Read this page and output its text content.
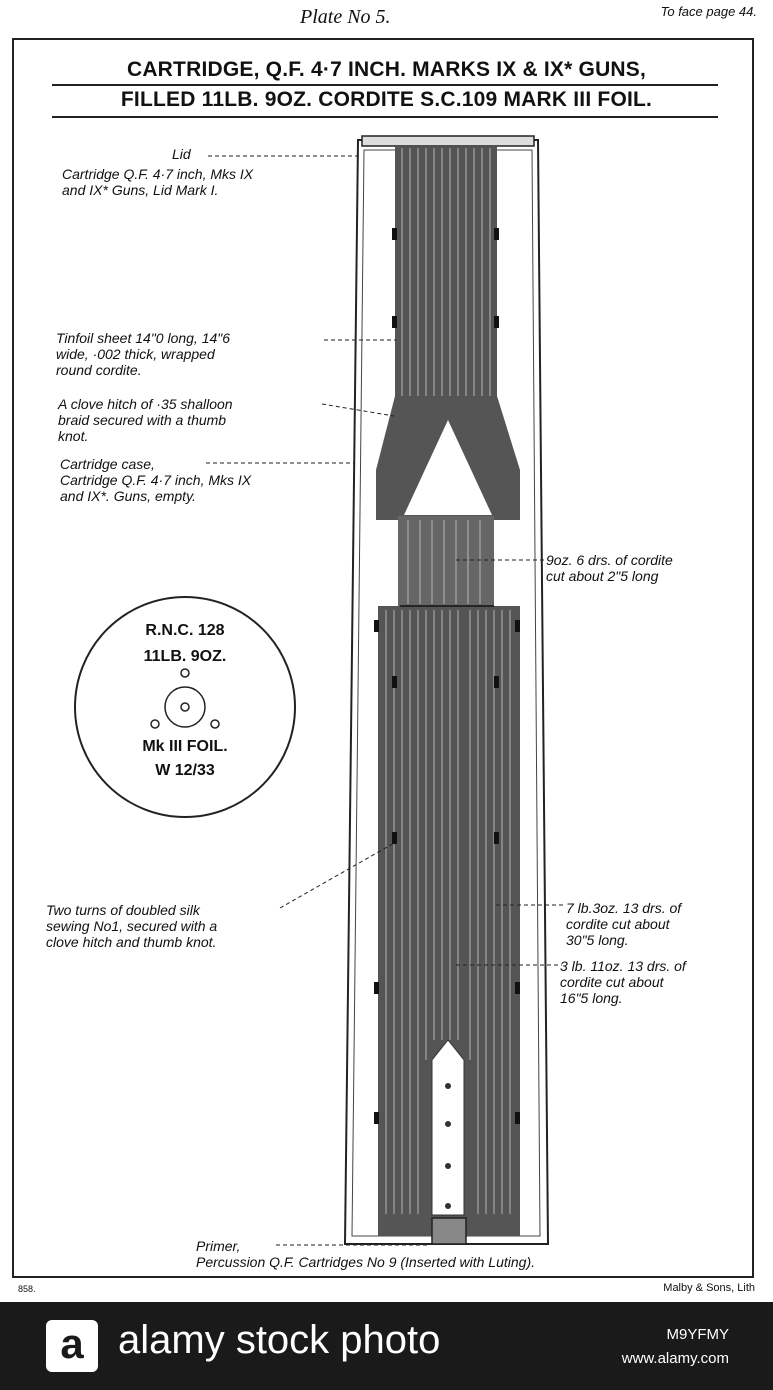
Plate No 5.	To face page 44.
CARTRIDGE, Q.F. 4·7 INCH. MARKS IX & IX* GUNS,
FILLED 11LB. 9OZ. CORDITE S.C.109 MARK III FOIL.
Lid
Cartridge Q.F. 4·7 inch, Mks IX
and IX* Guns, Lid Mark I.
Tinfoil sheet 14"0 long, 14"6
wide, ·002 thick, wrapped
round cordite.
A clove hitch of ·35 shalloon
braid secured with a thumb
knot.
Cartridge case,
Cartridge Q.F. 4·7 inch, Mks IX
and IX*. Guns, empty.
9oz. 6 drs. of cordite
cut about 2"5 long
Two turns of doubled silk
sewing No1, secured with a
clove hitch and thumb knot.
7 lb.3oz. 13 drs. of
cordite cut about
30"5 long.
3 lb. 11oz. 13 drs. of
cordite cut about
16"5 long.
Primer,
Percussion Q.F. Cartridges No 9 (Inserted with Luting).
R.N.C. 128
11LB. 9OZ.
Mk III FOIL.
W 12/33
858.	Malby & Sons, Lith
a alamy stock photo	M9YFMY
www.alamy.com
